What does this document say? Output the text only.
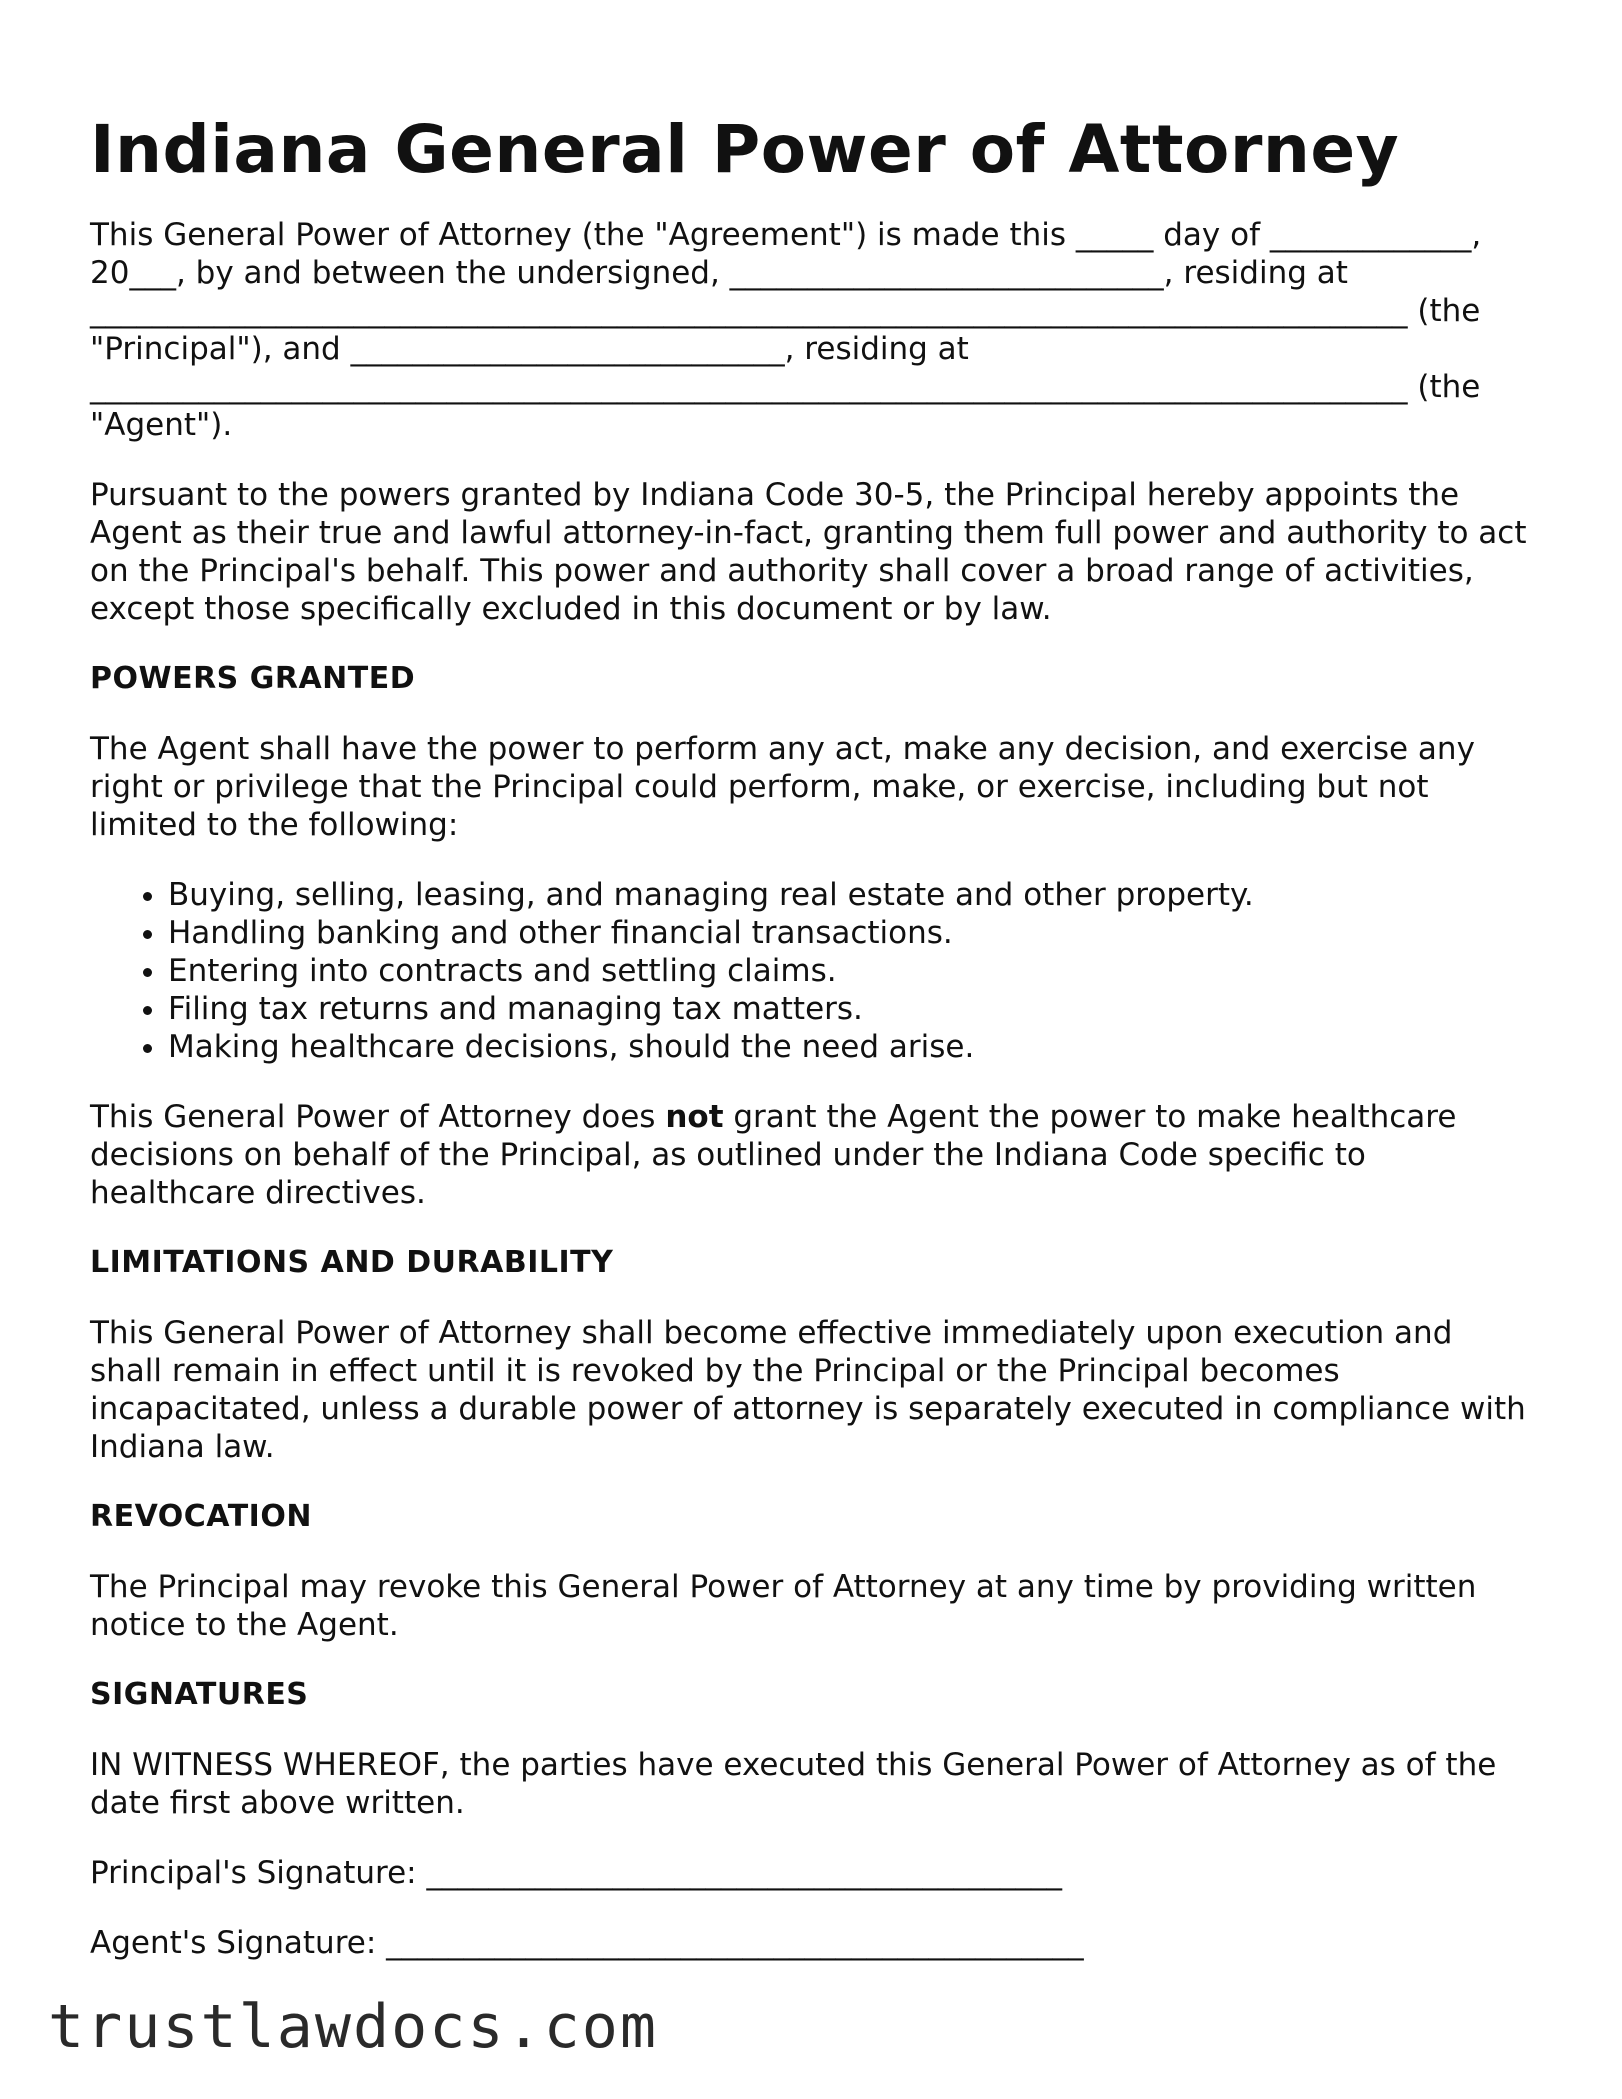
Indiana General Power of Attorney

This General Power of Attorney (the "Agreement") is made this _____ day of _____________, 20___, by and between the undersigned, ____________________________, residing at _____________________________________________________________________________________ (the "Principal"), and ____________________________, residing at _____________________________________________________________________________________ (the "Agent").

Pursuant to the powers granted by Indiana Code 30-5, the Principal hereby appoints the Agent as their true and lawful attorney-in-fact, granting them full power and authority to act on the Principal's behalf. This power and authority shall cover a broad range of activities, except those specifically excluded in this document or by law.

POWERS GRANTED

The Agent shall have the power to perform any act, make any decision, and exercise any right or privilege that the Principal could perform, make, or exercise, including but not limited to the following:

• Buying, selling, leasing, and managing real estate and other property.
• Handling banking and other financial transactions.
• Entering into contracts and settling claims.
• Filing tax returns and managing tax matters.
• Making healthcare decisions, should the need arise.

This General Power of Attorney does not grant the Agent the power to make healthcare decisions on behalf of the Principal, as outlined under the Indiana Code specific to healthcare directives.

LIMITATIONS AND DURABILITY

This General Power of Attorney shall become effective immediately upon execution and shall remain in effect until it is revoked by the Principal or the Principal becomes incapacitated, unless a durable power of attorney is separately executed in compliance with Indiana law.

REVOCATION

The Principal may revoke this General Power of Attorney at any time by providing written notice to the Agent.

SIGNATURES

IN WITNESS WHEREOF, the parties have executed this General Power of Attorney as of the date first above written.

Principal's Signature: _________________________________________
Agent's Signature: _____________________________________________
trustlawdocs.com
